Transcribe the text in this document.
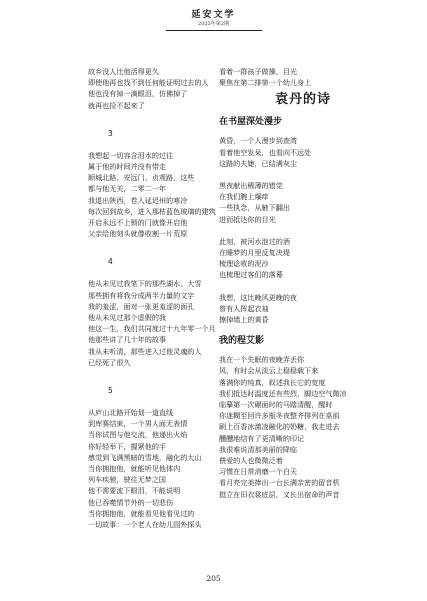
延安文学
2025年第2期
故乡没人比他活得更久
即使他再也找不到任何能证明过去的人
他也没有掉一滴眼泪，仿佛掉了
就再也捡不起来了
3
我想起一切容含泪水的过往
属于他的时间并没有带走
顺城北路、安远门、贞观路，这些
都与他无关，二零二一年
我退出陕西，卷入延迟州的寒冷
每次回到故乡，进入那枯蓝色玻璃的建筑
开启永远不上锁的门就像开启他
父亲给他刻头就像收割一片荒原
4
他从未见过我笔下的那些湖水、大雪
那些拥有将我分成两半力量的文字
我的羞涩，面对一张更羞涩的面孔
他从未见过那个虚假的我
他这一生，我们共同度过十九年零一个月
他那些讲了几十年的故事
我从未听清，那些进入过他灵魂的人
已经死了很久
5
从庐山北路开始划一道直线
到库赛结束，一个男人面无表情
当你试图与他交流，他递出火焰
你好轻举下，握紧他的手
感觉到飞满黑暗的雪地，融化的大山
当你拥抱他，就能听见他体内
列车疾驰，驶往无梦之国
他不需要流下眼泪，不能说明
他已吞噬情节外的一切悲伤
当你拥抱他，就能看见他看见过的
一切故事：一个老人在幼儿园外探头
看着一群孩子做操，目光
聚焦在第二排第一个幼儿身上
袁丹的诗
在书屋深处漫步
黄昏，一个人漫步到查湾
看着他空发呆，也看向不远处
这路的夫婕，已结满灰尘
黑夜献出稀薄的错觉
在我们腕上爆痒
一些执念，从腋下翻出
进而抵达你的目光
此刻，被河水泡过的酒
在睡梦的月里反复决堤
梳理谂败的泥沙
也梳理过客们的落幕
我想，这比晚风更晚的夜
曾有人挥起衣袖
擦掉墙上的黄昏
我的程艾影
我在一个失眠的夜晚弄丢你
风，有时会从淡云上稳稳载下来
落满你的纯真，叙述我长它的宽度
我们抵达时温度还有些烈，脚边空气微凉
临摹第一次碾面时的马踏清醒，醒时
你迷糊至回许多瓶冬夜整齐排列在桌前
刷上百香冰激凌融化的奶糖，我走进去
醺醺地结有了更清晰的印记
我很难说清那美丽的降临
偎爱的人也微微泛着
习惯在日常消磨一个白天
看月亮完美捧出一台长满亲密的留音机
挺立在旧衣裳底层，又长出宿命的声音
205
